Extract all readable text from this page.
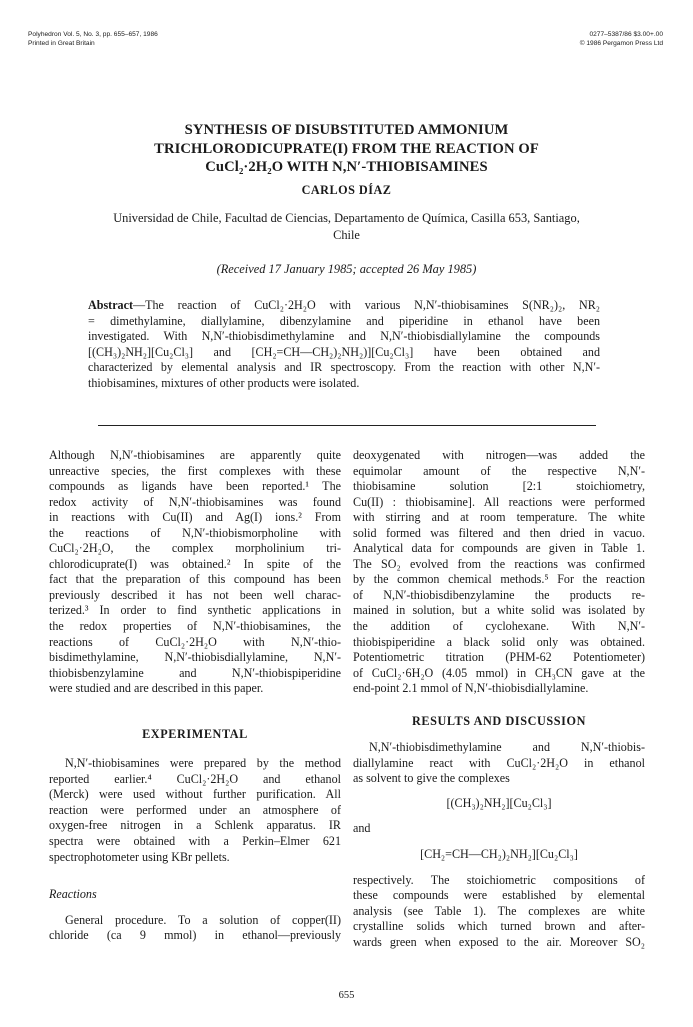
Polyhedron Vol. 5, No. 3, pp. 655–657, 1986
Printed in Great Britain
0277–5387/86 $3.00+.00
© 1986 Pergamon Press Ltd
SYNTHESIS OF DISUBSTITUTED AMMONIUM
TRICHLORODICUPRATE(I) FROM THE REACTION OF
CuCl₂·2H₂O WITH N,N′-THIOBISAMINES
CARLOS DÍAZ
Universidad de Chile, Facultad de Ciencias, Departamento de Química, Casilla 653, Santiago,
Chile
(Received 17 January 1985; accepted 26 May 1985)
Abstract—The reaction of CuCl₂·2H₂O with various N,N′-thiobisamines S(NR₂)₂, NR₂
= dimethylamine, diallylamine, dibenzylamine and piperidine in ethanol have been
investigated. With N,N′-thiobisdimethylamine and N,N′-thiobisdiallylamine the compounds
[(CH₃)₂NH₂][Cu₂Cl₃] and [CH₂=CH—CH₂)₂NH₂)][Cu₂Cl₃] have been obtained and
characterized by elemental analysis and IR spectroscopy. From the reaction with other N,N′-
thiobisamines, mixtures of other products were isolated.
Although N,N′-thiobisamines are apparently quite
unreactive species, the first complexes with these
compounds as ligands have been reported.¹ The
redox activity of N,N′-thiobisamines was found
in reactions with Cu(II) and Ag(I) ions.² From
the reactions of N,N′-thiobismorpholine with
CuCl₂·2H₂O, the complex morpholinium tri-
chlorodicuprate(I) was obtained.² In spite of the
fact that the preparation of this compound has been
previously described it has not been well charac-
terized.³ In order to find synthetic applications in
the redox properties of N,N′-thiobisamines, the
reactions of CuCl₂·2H₂O with N,N′-thio-
bisdimethylamine, N,N′-thiobisdiallylamine, N,N′-
thiobisbenzylamine and N,N′-thiobispiperidine
were studied and are described in this paper.
EXPERIMENTAL
N,N′-thiobisamines were prepared by the method
reported earlier.⁴ CuCl₂·2H₂O and ethanol
(Merck) were used without further purification. All
reaction were performed under an atmosphere of
oxygen-free nitrogen in a Schlenk apparatus. IR
spectra were obtained with a Perkin–Elmer 621
spectrophotometer using KBr pellets.
Reactions
General procedure. To a solution of copper(II)
chloride (ca 9 mmol) in ethanol—previously
deoxygenated with nitrogen—was added the
equimolar amount of the respective N,N′-
thiobisamine solution [2:1 stoichiometry,
Cu(II) : thiobisamine]. All reactions were performed
with stirring and at room temperature. The white
solid formed was filtered and then dried in vacuo.
Analytical data for compounds are given in Table 1.
The SO₂ evolved from the reactions was confirmed
by the common chemical methods.⁵ For the reaction
of N,N′-thiobisdibenzylamine the products re-
mained in solution, but a white solid was isolated by
the addition of cyclohexane. With N,N′-
thiobispiperidine a black solid only was obtained.
Potentiometric titration (PHM-62 Potentiometer)
of CuCl₂·6H₂O (4.05 mmol) in CH₃CN gave at the
end-point 2.1 mmol of N,N′-thiobisdiallylamine.
RESULTS AND DISCUSSION
N,N′-thiobisdimethylamine and N,N′-thiobis-
diallylamine react with CuCl₂·2H₂O in ethanol
as solvent to give the complexes
[(CH₃)₂NH₂][Cu₂Cl₃]
and
[CH₂=CH—CH₂)₂NH₂][Cu₂Cl₃]
respectively. The stoichiometric compositions of
these compounds were established by elemental
analysis (see Table 1). The complexes are white
crystalline solids which turned brown and after-
wards green when exposed to the air. Moreover SO₂
655
